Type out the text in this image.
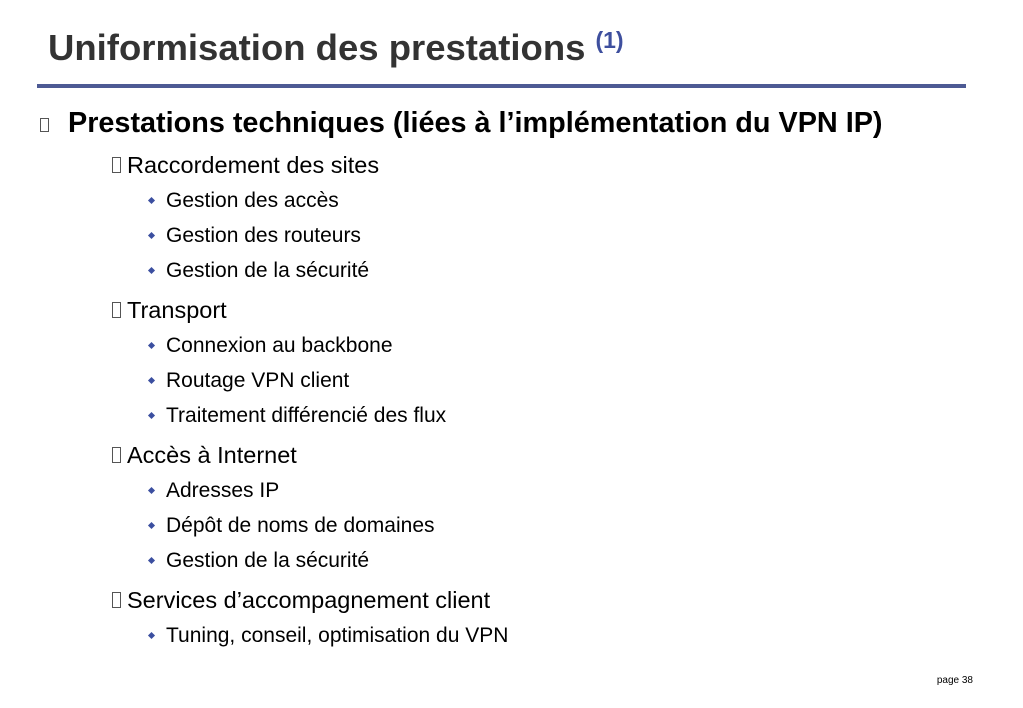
Uniformisation des prestations (1)
Prestations techniques (liées à l’implémentation du VPN IP)
Raccordement des sites
Gestion des accès
Gestion des routeurs
Gestion de la sécurité
Transport
Connexion au backbone
Routage VPN client
Traitement différencié des flux
Accès à Internet
Adresses IP
Dépôt de noms de domaines
Gestion de la sécurité
Services d’accompagnement client
Tuning, conseil, optimisation du VPN
page 38
